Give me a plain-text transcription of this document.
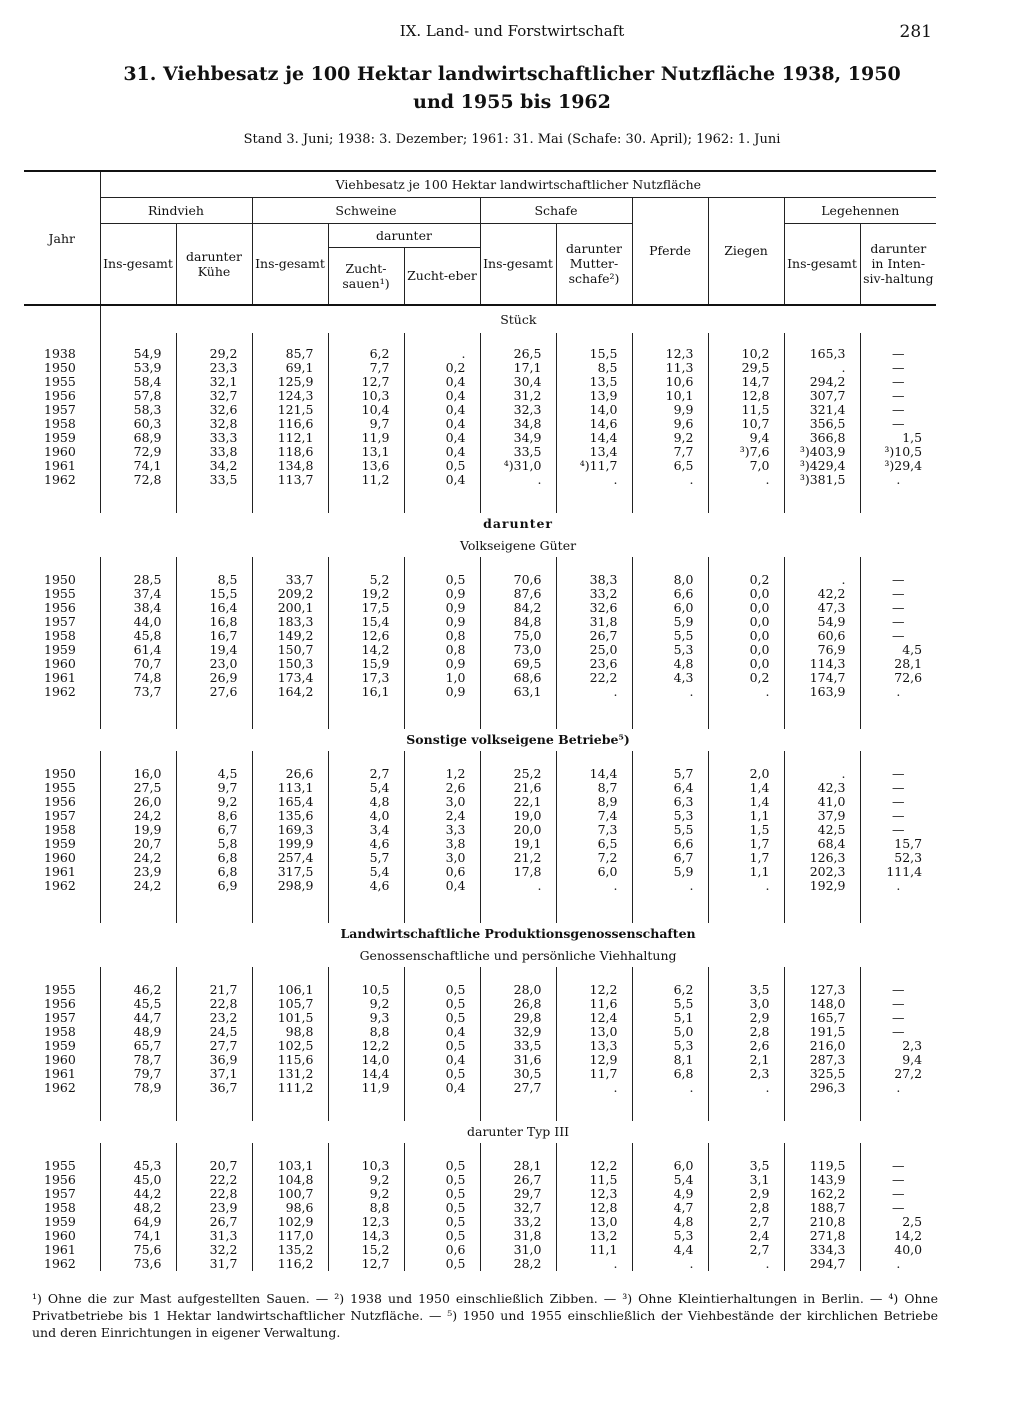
IX. Land- und Forstwirtschaft	281
31. Viehbesatz je 100 Hektar landwirtschaftlicher Nutzfläche 1938, 1950
und 1955 bis 1962
Stand 3. Juni; 1938: 3. Dezember; 1961: 31. Mai (Schafe: 30. April); 1962: 1. Juni
Jahr	Viehbesatz je 100 Hektar landwirtschaftlicher Nutzfläche										
	Rindvieh		Schweine			Schafe		Pferde	Ziegen	Legehennen	
	Ins-gesamt	darunter Kühe	Ins-gesamt	darunter		Ins-gesamt	darunter Mutter-schafe²)			Ins-gesamt	darunter in Inten-siv-haltung
				Zucht-sauen¹)	Zucht-eber						
	Stück										

1938	54,9	29,2	85,7	6,2	.	26,5	15,5	12,3	10,2	165,3	—
1950	53,9	23,3	69,1	7,7	0,2	17,1	8,5	11,3	29,5	.	—
1955	58,4	32,1	125,9	12,7	0,4	30,4	13,5	10,6	14,7	294,2	—
1956	57,8	32,7	124,3	10,3	0,4	31,2	13,9	10,1	12,8	307,7	—
1957	58,3	32,6	121,5	10,4	0,4	32,3	14,0	9,9	11,5	321,4	—
1958	60,3	32,8	116,6	9,7	0,4	34,8	14,6	9,6	10,7	356,5	—
1959	68,9	33,3	112,1	11,9	0,4	34,9	14,4	9,2	9,4	366,8	1,5
1960	72,9	33,8	118,6	13,1	0,4	33,5	13,4	7,7	³)7,6	³)403,9	³)10,5
1961	74,1	34,2	134,8	13,6	0,5	⁴)31,0	⁴)11,7	6,5	7,0	³)429,4	³)29,4
1962	72,8	33,5	113,7	11,2	0,4	.	.	.	.	³)381,5	.

	darunter										
	Volkseigene Güter										

1950	28,5	8,5	33,7	5,2	0,5	70,6	38,3	8,0	0,2	.	—
1955	37,4	15,5	209,2	19,2	0,9	87,6	33,2	6,6	0,0	42,2	—
1956	38,4	16,4	200,1	17,5	0,9	84,2	32,6	6,0	0,0	47,3	—
1957	44,0	16,8	183,3	15,4	0,9	84,8	31,8	5,9	0,0	54,9	—
1958	45,8	16,7	149,2	12,6	0,8	75,0	26,7	5,5	0,0	60,6	—
1959	61,4	19,4	150,7	14,2	0,8	73,0	25,0	5,3	0,0	76,9	4,5
1960	70,7	23,0	150,3	15,9	0,9	69,5	23,6	4,8	0,0	114,3	28,1
1961	74,8	26,9	173,4	17,3	1,0	68,6	22,2	4,3	0,2	174,7	72,6
1962	73,7	27,6	164,2	16,1	0,9	63,1	.	.	.	163,9	.

	Sonstige volkseigene Betriebe⁵)										

1950	16,0	4,5	26,6	2,7	1,2	25,2	14,4	5,7	2,0	.	—
1955	27,5	9,7	113,1	5,4	2,6	21,6	8,7	6,4	1,4	42,3	—
1956	26,0	9,2	165,4	4,8	3,0	22,1	8,9	6,3	1,4	41,0	—
1957	24,2	8,6	135,6	4,0	2,4	19,0	7,4	5,3	1,1	37,9	—
1958	19,9	6,7	169,3	3,4	3,3	20,0	7,3	5,5	1,5	42,5	—
1959	20,7	5,8	199,9	4,6	3,8	19,1	6,5	6,6	1,7	68,4	15,7
1960	24,2	6,8	257,4	5,7	3,0	21,2	7,2	6,7	1,7	126,3	52,3
1961	23,9	6,8	317,5	5,4	0,6	17,8	6,0	5,9	1,1	202,3	111,4
1962	24,2	6,9	298,9	4,6	0,4	.	.	.	.	192,9	.

	Landwirtschaftliche Produktionsgenossenschaften										
	Genossenschaftliche und persönliche Viehhaltung										

1955	46,2	21,7	106,1	10,5	0,5	28,0	12,2	6,2	3,5	127,3	—
1956	45,5	22,8	105,7	9,2	0,5	26,8	11,6	5,5	3,0	148,0	—
1957	44,7	23,2	101,5	9,3	0,5	29,8	12,4	5,1	2,9	165,7	—
1958	48,9	24,5	98,8	8,8	0,4	32,9	13,0	5,0	2,8	191,5	—
1959	65,7	27,7	102,5	12,2	0,5	33,5	13,3	5,3	2,6	216,0	2,3
1960	78,7	36,9	115,6	14,0	0,4	31,6	12,9	8,1	2,1	287,3	9,4
1961	79,7	37,1	131,2	14,4	0,5	30,5	11,7	6,8	2,3	325,5	27,2
1962	78,9	36,7	111,2	11,9	0,4	27,7	.	.	.	296,3	.

	darunter Typ III										

1955	45,3	20,7	103,1	10,3	0,5	28,1	12,2	6,0	3,5	119,5	—
1956	45,0	22,2	104,8	9,2	0,5	26,7	11,5	5,4	3,1	143,9	—
1957	44,2	22,8	100,7	9,2	0,5	29,7	12,3	4,9	2,9	162,2	—
1958	48,2	23,9	98,6	8,8	0,5	32,7	12,8	4,7	2,8	188,7	—
1959	64,9	26,7	102,9	12,3	0,5	33,2	13,0	4,8	2,7	210,8	2,5
1960	74,1	31,3	117,0	14,3	0,5	31,8	13,2	5,3	2,4	271,8	14,2
1961	75,6	32,2	135,2	15,2	0,6	31,0	11,1	4,4	2,7	334,3	40,0
1962	73,6	31,7	116,2	12,7	0,5	28,2	.	.	.	294,7	.
¹) Ohne die zur Mast aufgestellten Sauen. — ²) 1938 und 1950 einschließlich Zibben. — ³) Ohne Kleintierhaltungen in Berlin. — ⁴) Ohne Privatbetriebe bis 1 Hektar landwirtschaftlicher Nutzfläche. — ⁵) 1950 und 1955 einschließlich der Viehbestände der kirchlichen Betriebe und deren Einrichtungen in eigener Verwaltung.
